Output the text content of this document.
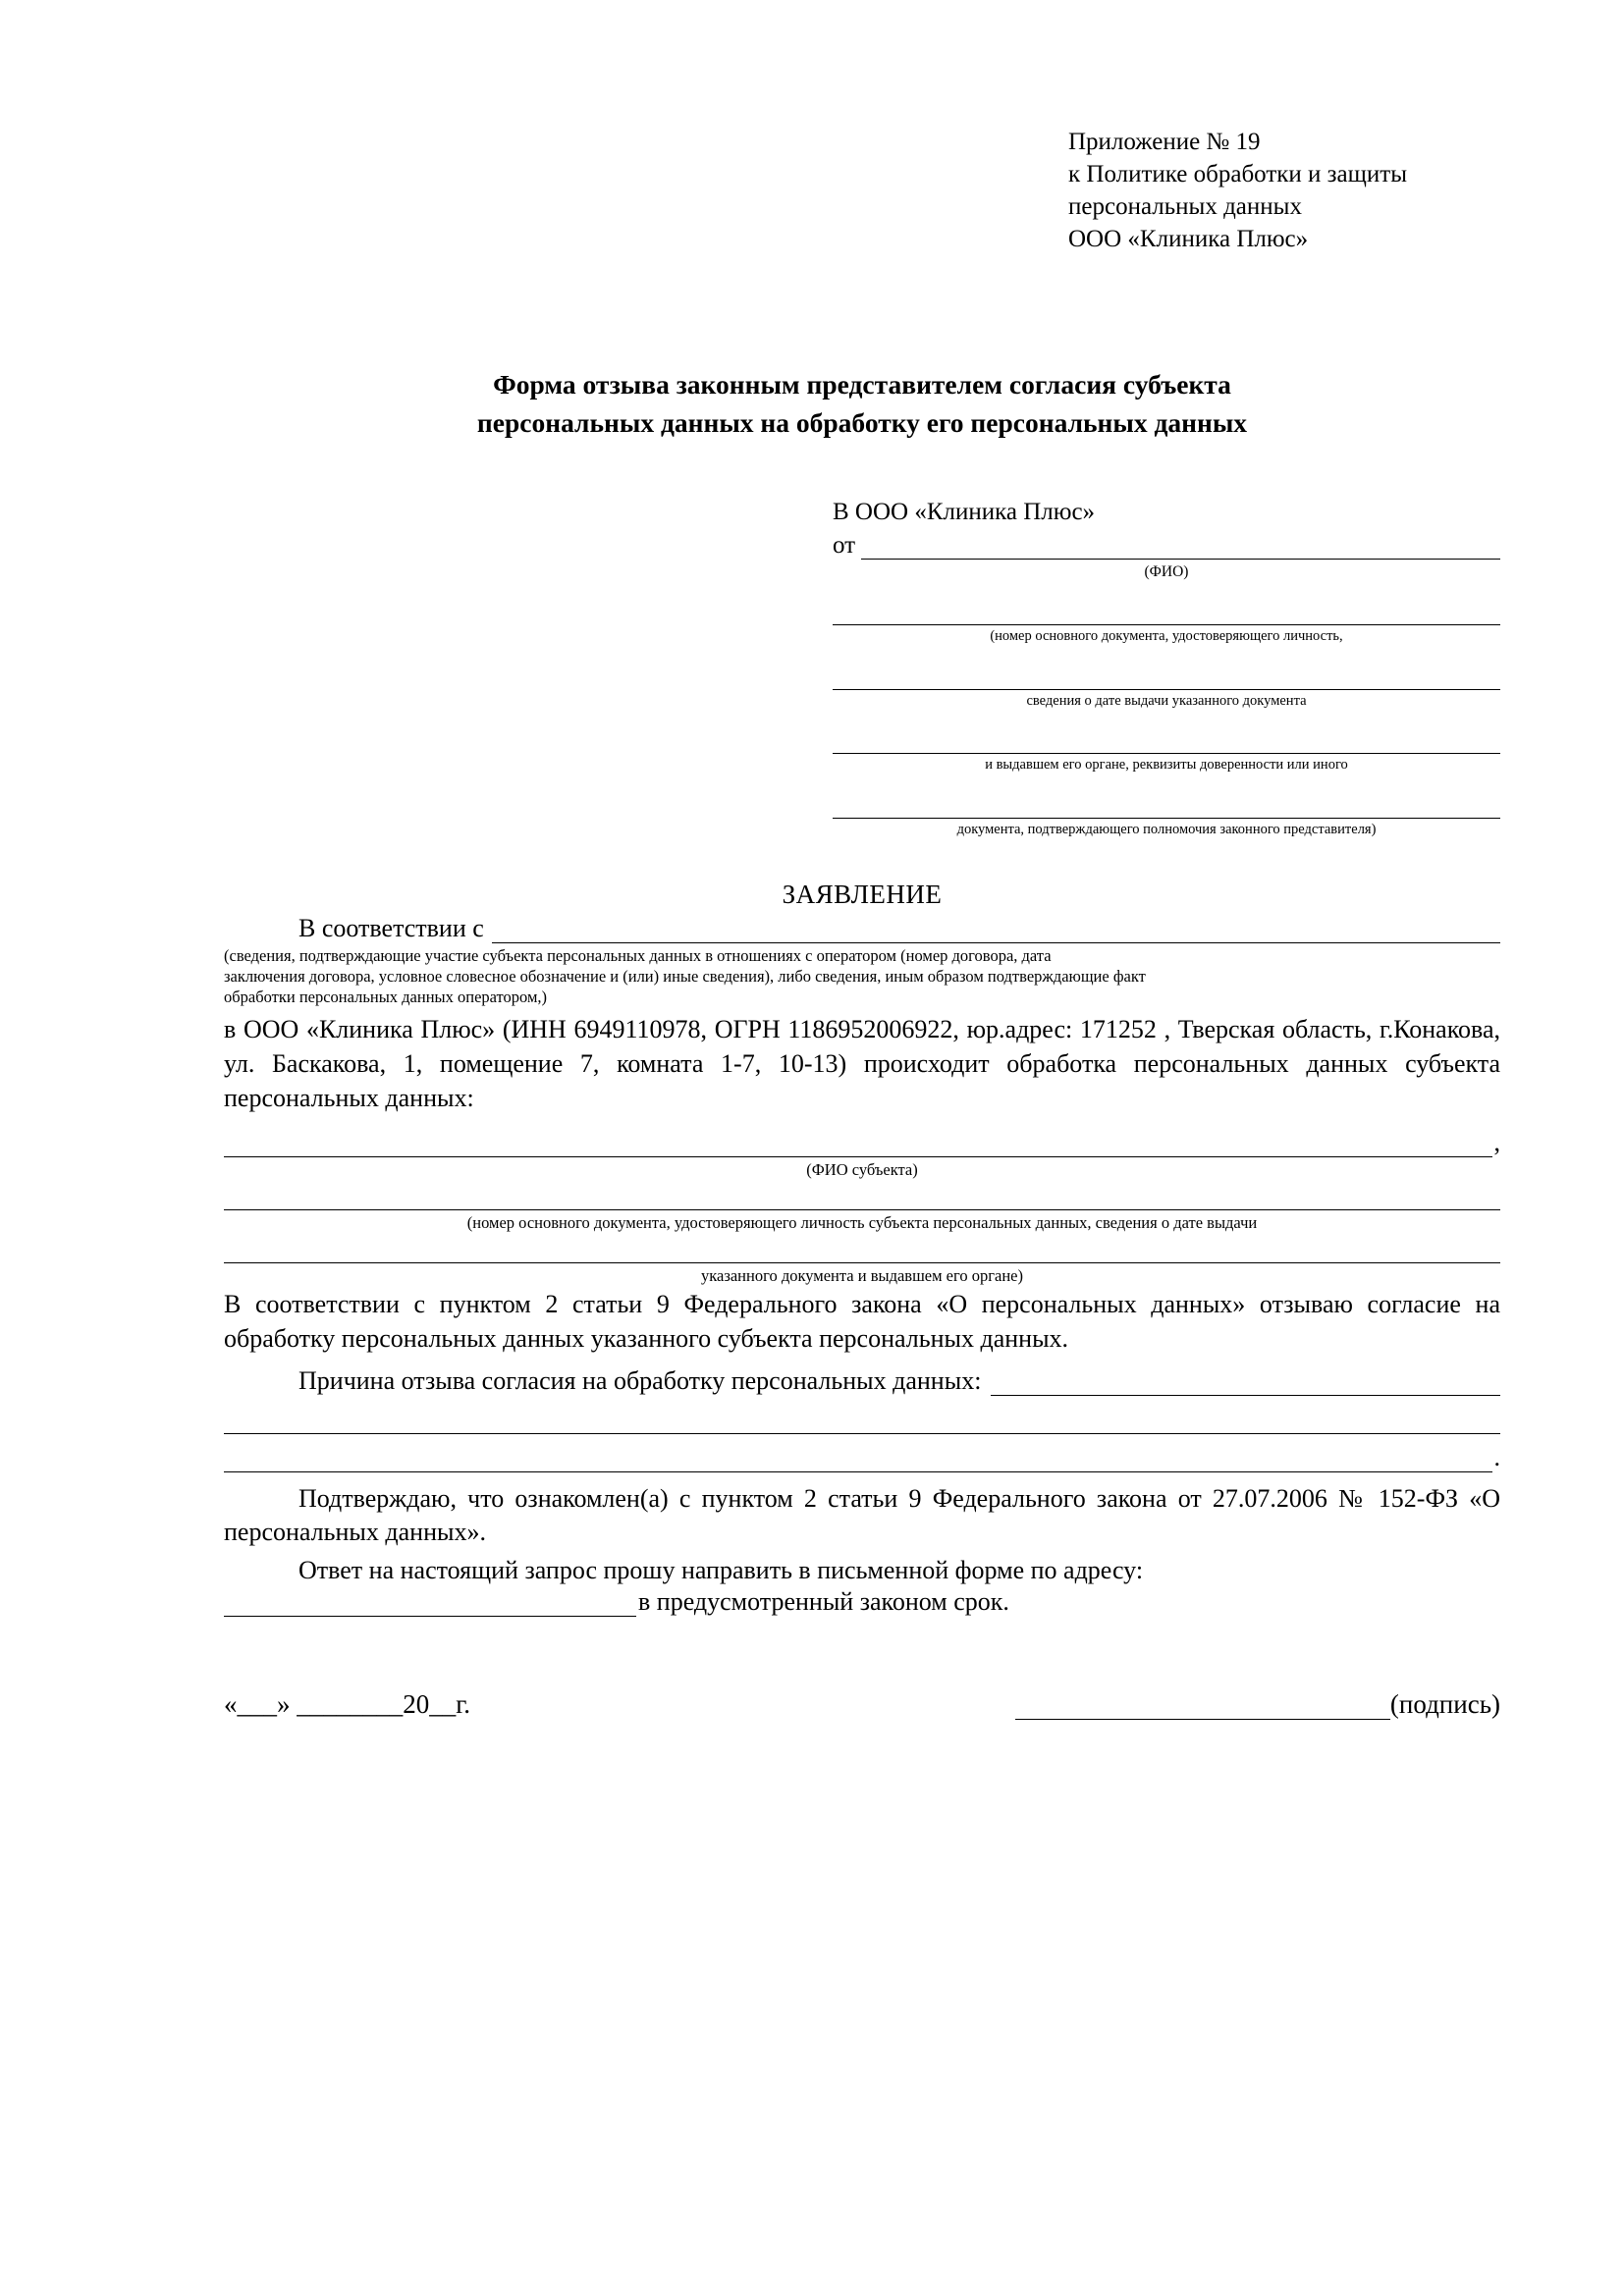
Приложение № 19
к Политике обработки и защиты
персональных данных
ООО «Клиника Плюс»
Форма отзыва законным представителем согласия субъекта
персональных данных на обработку его персональных данных
В ООО «Клиника Плюс»
от
(ФИО)
(номер основного документа, удостоверяющего личность,
сведения о дате выдачи указанного документа
и выдавшем его органе, реквизиты доверенности или иного
документа, подтверждающего полномочия законного представителя)
ЗАЯВЛЕНИЕ
В соответствии с
(сведения, подтверждающие участие субъекта персональных данных в отношениях с оператором (номер договора, дата
заключения договора, условное словесное обозначение и (или) иные сведения), либо сведения, иным образом подтверждающие факт
обработки персональных данных оператором,)
в ООО «Клиника Плюс» (ИНН 6949110978, ОГРН 1186952006922, юр.адрес: 171252 , Тверская область, г.Конакова, ул. Баскакова, 1, помещение 7, комната 1-7, 10-13) происходит обработка персональных данных субъекта персональных данных:
,
(ФИО субъекта)
(номер основного документа, удостоверяющего личность субъекта персональных данных, сведения о дате выдачи
указанного документа и выдавшем его органе)
В соответствии с пунктом 2 статьи 9 Федерального закона «О персональных данных» отзываю согласие на обработку персональных данных указанного субъекта персональных данных.
Причина отзыва согласия на обработку персональных данных:
.
Подтверждаю, что ознакомлен(а) с пунктом 2 статьи 9 Федерального закона от 27.07.2006 № 152-ФЗ «О персональных данных».
Ответ на настоящий запрос прошу направить в письменной форме по адресу:
в предусмотренный законом срок.
«___» ________20__г.	(подпись)
